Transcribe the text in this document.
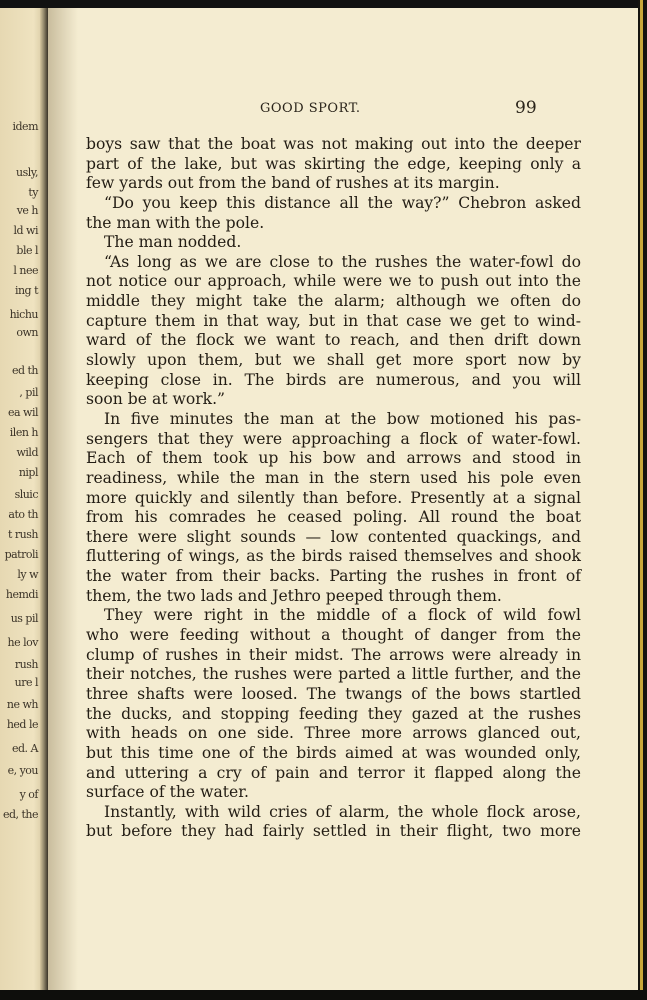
idem
usly,
ty
ve h
ld wi
ble l
l nee
ing t
hichu
own
ed th
, pil
ea wil
ilen h
wild
nipl
sluic
ato th
t rush
patroli
ly w
hemdi
us pil
he lov
rush
ure l
ne wh
hed le
ed. A
e, you
y of
ed, the
GOOD SPORT.	99
boys saw that the boat was not making out into the deeper
part of the lake, but was skirting the edge, keeping only a
few yards out from the band of rushes at its margin.
“Do you keep this distance all the way?” Chebron asked
the man with the pole.
The man nodded.
“As long as we are close to the rushes the water-fowl do
not notice our approach, while were we to push out into the
middle they might take the alarm; although we often do
capture them in that way, but in that case we get to wind-
ward of the flock we want to reach, and then drift down
slowly upon them, but we shall get more sport now by
keeping close in. The birds are numerous, and you will
soon be at work.”
In five minutes the man at the bow motioned his pas-
sengers that they were approaching a flock of water-fowl.
Each of them took up his bow and arrows and stood in
readiness, while the man in the stern used his pole even
more quickly and silently than before. Presently at a signal
from his comrades he ceased poling. All round the boat
there were slight sounds — low contented quackings, and
fluttering of wings, as the birds raised themselves and shook
the water from their backs. Parting the rushes in front of
them, the two lads and Jethro peeped through them.
They were right in the middle of a flock of wild fowl
who were feeding without a thought of danger from the
clump of rushes in their midst. The arrows were already in
their notches, the rushes were parted a little further, and the
three shafts were loosed. The twangs of the bows startled
the ducks, and stopping feeding they gazed at the rushes
with heads on one side. Three more arrows glanced out,
but this time one of the birds aimed at was wounded only,
and uttering a cry of pain and terror it flapped along the
surface of the water.
Instantly, with wild cries of alarm, the whole flock arose,
but before they had fairly settled in their flight, two more
